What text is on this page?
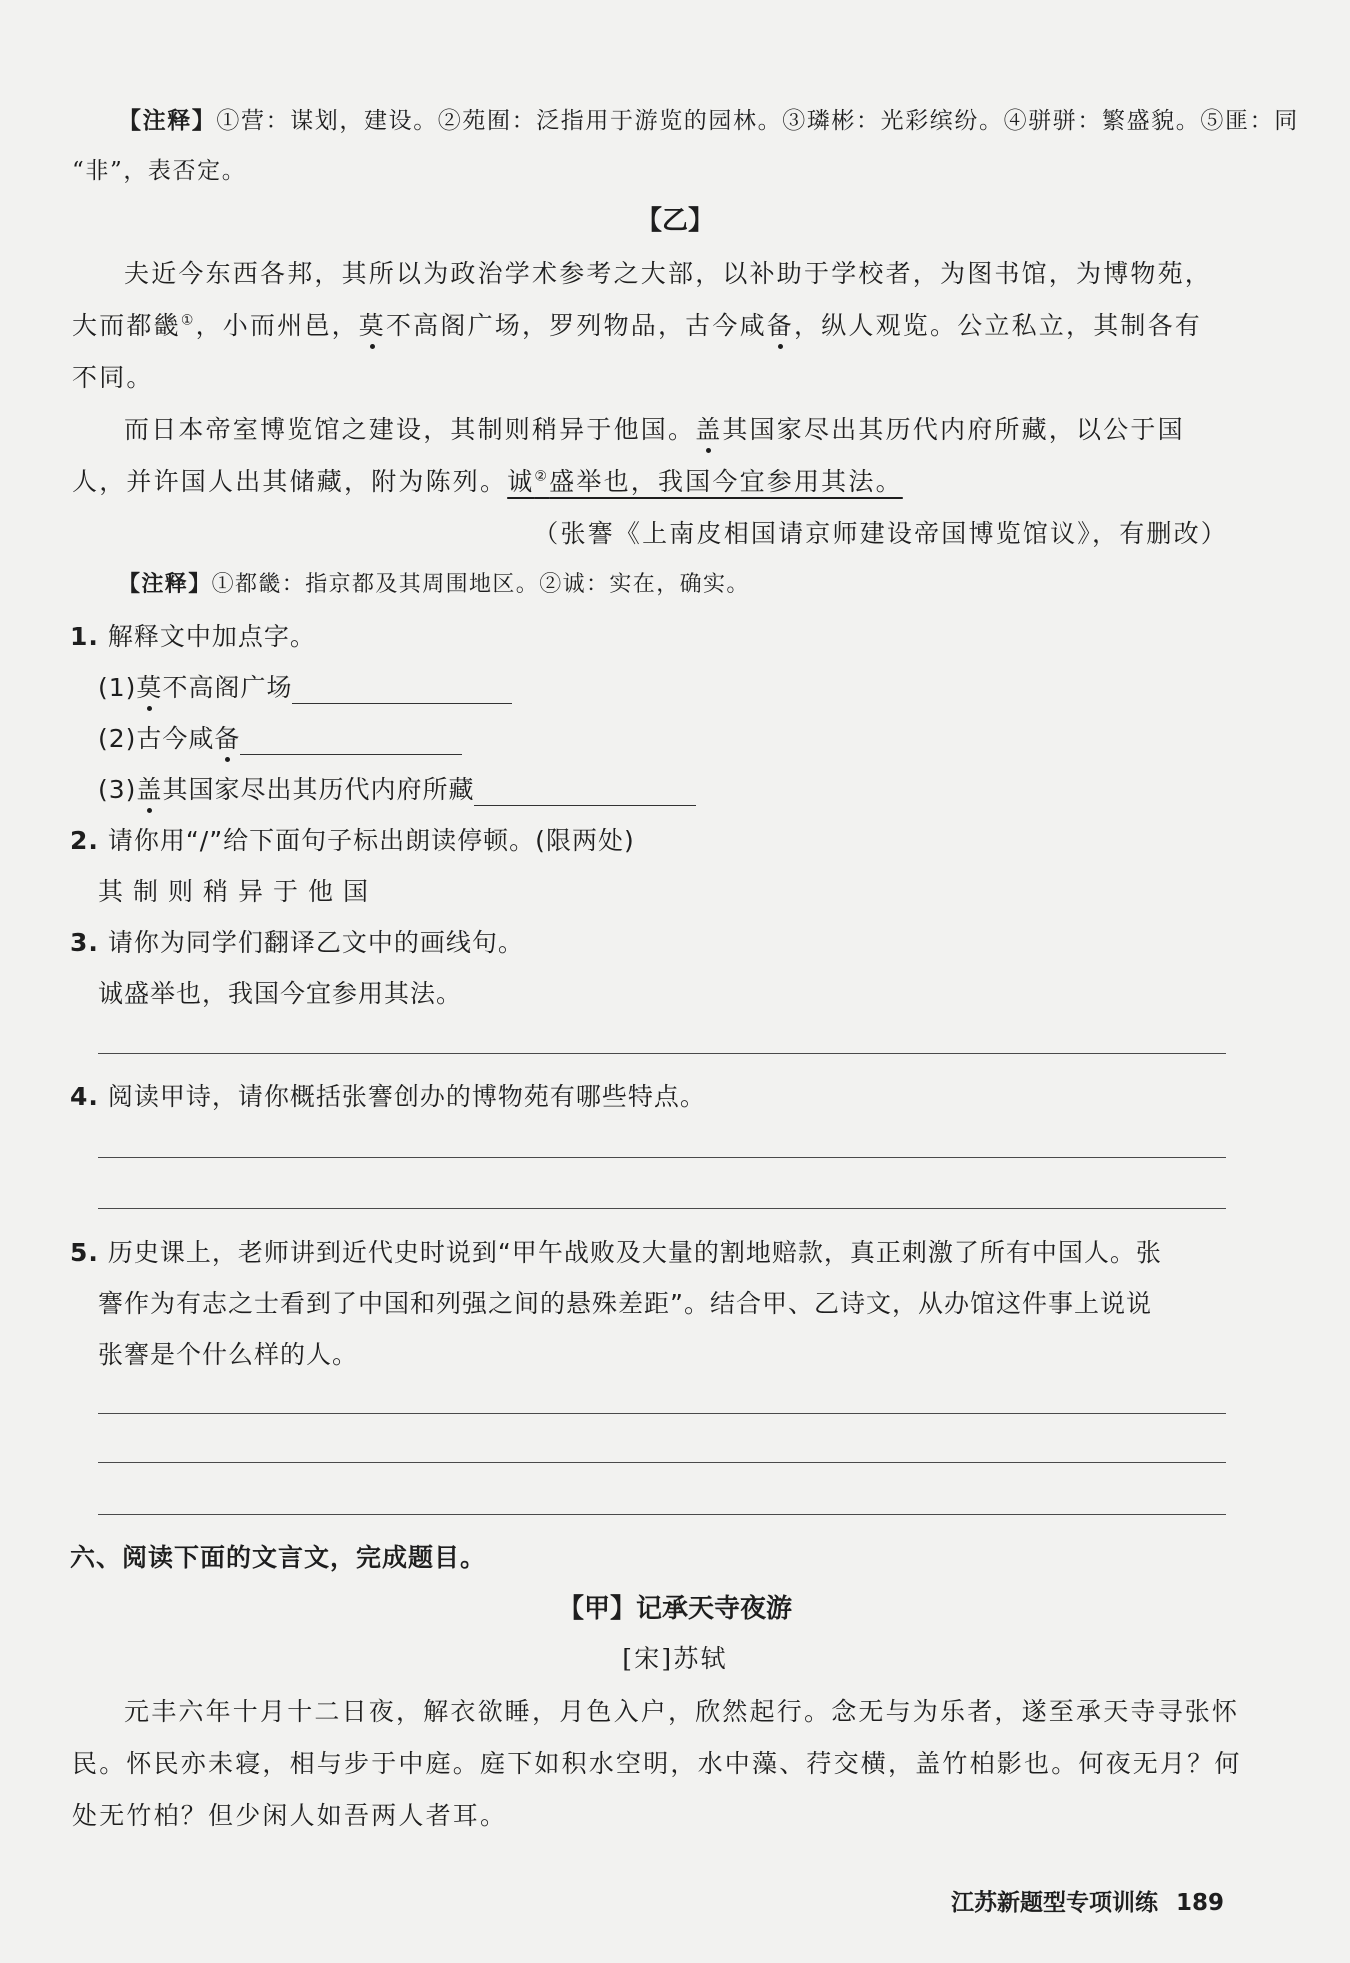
【注释】①营：谋划，建设。②苑囿：泛指用于游览的园林。③璘彬：光彩缤纷。④骈骈：繁盛貌。⑤匪：同
“非”，表否定。
【乙】
夫近今东西各邦，其所以为政治学术参考之大部，以补助于学校者，为图书馆，为博物苑，
大而都畿①，小而州邑，莫不高阁广场，罗列物品，古今咸备，纵人观览。公立私立，其制各有
不同。
而日本帝室博览馆之建设，其制则稍异于他国。盖其国家尽出其历代内府所藏，以公于国
人，并许国人出其储藏，附为陈列。诚②盛举也，我国今宜参用其法。
（张謇《上南皮相国请京师建设帝国博览馆议》，有删改）
【注释】①都畿：指京都及其周围地区。②诚：实在，确实。
1. 解释文中加点字。
(1)莫不高阁广场
(2)古今咸备
(3)盖其国家尽出其历代内府所藏
2. 请你用“/”给下面句子标出朗读停顿。(限两处)
其制则稍异于他国
3. 请你为同学们翻译乙文中的画线句。
诚盛举也，我国今宜参用其法。
4. 阅读甲诗，请你概括张謇创办的博物苑有哪些特点。
5. 历史课上，老师讲到近代史时说到“甲午战败及大量的割地赔款，真正刺激了所有中国人。张
謇作为有志之士看到了中国和列强之间的悬殊差距”。结合甲、乙诗文，从办馆这件事上说说
张謇是个什么样的人。
六、阅读下面的文言文，完成题目。
【甲】记承天寺夜游
[宋]苏轼
元丰六年十月十二日夜，解衣欲睡，月色入户，欣然起行。念无与为乐者，遂至承天寺寻张怀
民。怀民亦未寝，相与步于中庭。庭下如积水空明，水中藻、荇交横，盖竹柏影也。何夜无月？何
处无竹柏？但少闲人如吾两人者耳。
江苏新题型专项训练 189
